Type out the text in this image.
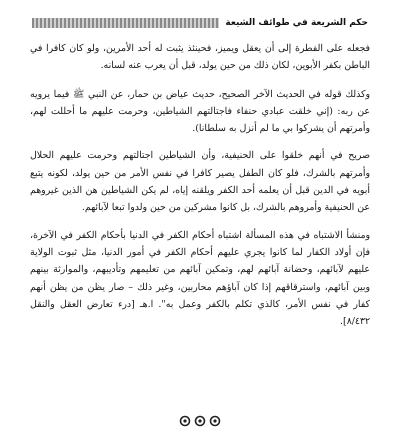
حكم الشريعة في طوائف الشيعة

فجعله على الفطرة إلى أن يعقل ويميز، فحينئذ يثبت له أحد الأمرين، ولو كان كافرا في الباطن بكفر الأبوين، لكان ذلك من حين يولد، قبل أن يعرب عنه لسانه.

وكذلك قوله في الحديث الآخر الصحيح، حديث عياض بن حمار، عن النبي ﷺ فيما يرويه عن ربه: (إني خلقت عبادي حنفاء فاجتالتهم الشياطين، وحرمت عليهم ما أحللت لهم، وأمرتهم أن يشركوا بي ما لم أنزل به سلطانا).

صريح في أنهم خلقوا على الحنيفية، وأن الشياطين اجتالتهم وحرمت عليهم الحلال وأمرتهم بالشرك، فلو كان الطفل يصير كافرا في نفس الأمر من حين يولد، لكونه يتبع أبويه في الدين قبل أن يعلمه أحد الكفر ويلقنه إياه، لم يكن الشياطين هن الذين غيروهم عن الحنيفية وأمروهم بالشرك، بل كانوا مشركين من حين ولدوا تبعا لآبائهم.

ومنشأ الاشتباه في هذه المسألة اشتباه أحكام الكفر في الدنيا بأحكام الكفر في الآخرة، فإن أولاد الكفار لما كانوا يجري عليهم أحكام الكفر في أمور الدنيا، مثل ثبوت الولاية عليهم لآبائهم، وحضانة آبائهم لهم، وتمكين آبائهم من تعليمهم وتأديبهم، والموارثة بينهم وبين آبائهم، واسترقاقهم إذا كان آباؤهم محاربين، وغير ذلك – صار يظن من يظن أنهم كفار في نفس الأمر، كالذي تكلم بالكفر وعمل به". ا.هـ [درء تعارض العقل والنقل ٨/٤٣٢].
